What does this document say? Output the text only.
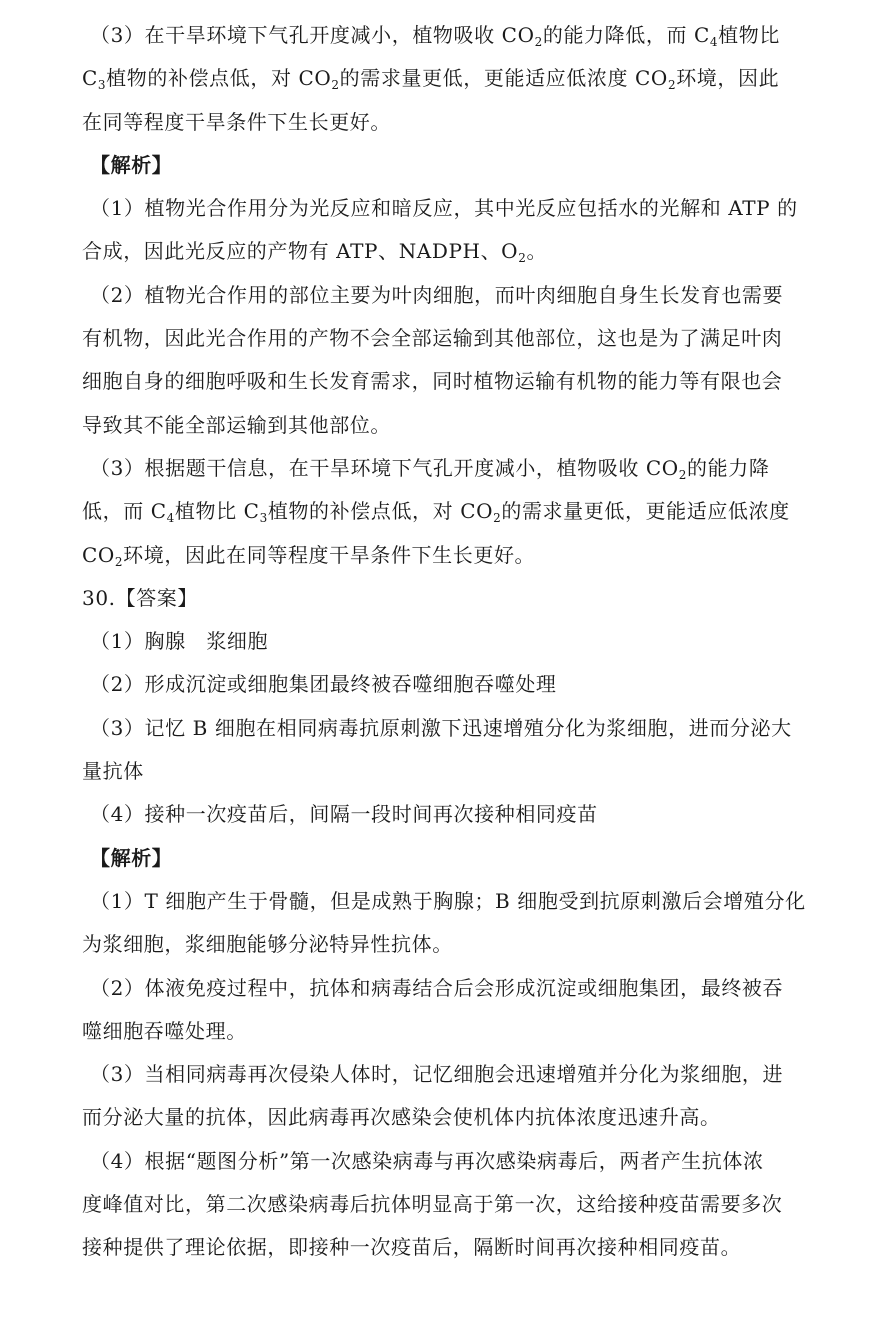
（3）在干旱环境下气孔开度减小，植物吸收 $CO_2$的能力降低，而 $C_4$植物比
$C_3$植物的补偿点低，对 $CO_2$的需求量更低，更能适应低浓度 $CO_2$环境，因此
在同等程度干旱条件下生长更好。
【解析】
（1）植物光合作用分为光反应和暗反应，其中光反应包括水的光解和 ATP 的
合成，因此光反应的产物有 ATP、NADPH、$O_2$。
（2）植物光合作用的部位主要为叶肉细胞，而叶肉细胞自身生长发育也需要
有机物，因此光合作用的产物不会全部运输到其他部位，这也是为了满足叶肉
细胞自身的细胞呼吸和生长发育需求，同时植物运输有机物的能力等有限也会
导致其不能全部运输到其他部位。
（3）根据题干信息，在干旱环境下气孔开度减小，植物吸收 $CO_2$的能力降
低，而 $C_4$植物比 $C_3$植物的补偿点低，对 $CO_2$的需求量更低，更能适应低浓度
$CO_2$环境，因此在同等程度干旱条件下生长更好。
30.【答案】
（1）胸腺　浆细胞
（2）形成沉淀或细胞集团最终被吞噬细胞吞噬处理
（3）记忆 B 细胞在相同病毒抗原刺激下迅速增殖分化为浆细胞，进而分泌大
量抗体
（4）接种一次疫苗后，间隔一段时间再次接种相同疫苗
【解析】
（1）T 细胞产生于骨髓，但是成熟于胸腺；B 细胞受到抗原刺激后会增殖分化
为浆细胞，浆细胞能够分泌特异性抗体。
（2）体液免疫过程中，抗体和病毒结合后会形成沉淀或细胞集团，最终被吞
噬细胞吞噬处理。
（3）当相同病毒再次侵染人体时，记忆细胞会迅速增殖并分化为浆细胞，进
而分泌大量的抗体，因此病毒再次感染会使机体内抗体浓度迅速升高。
（4）根据“题图分析”第一次感染病毒与再次感染病毒后，两者产生抗体浓
度峰值对比，第二次感染病毒后抗体明显高于第一次，这给接种疫苗需要多次
接种提供了理论依据，即接种一次疫苗后，隔断时间再次接种相同疫苗。
